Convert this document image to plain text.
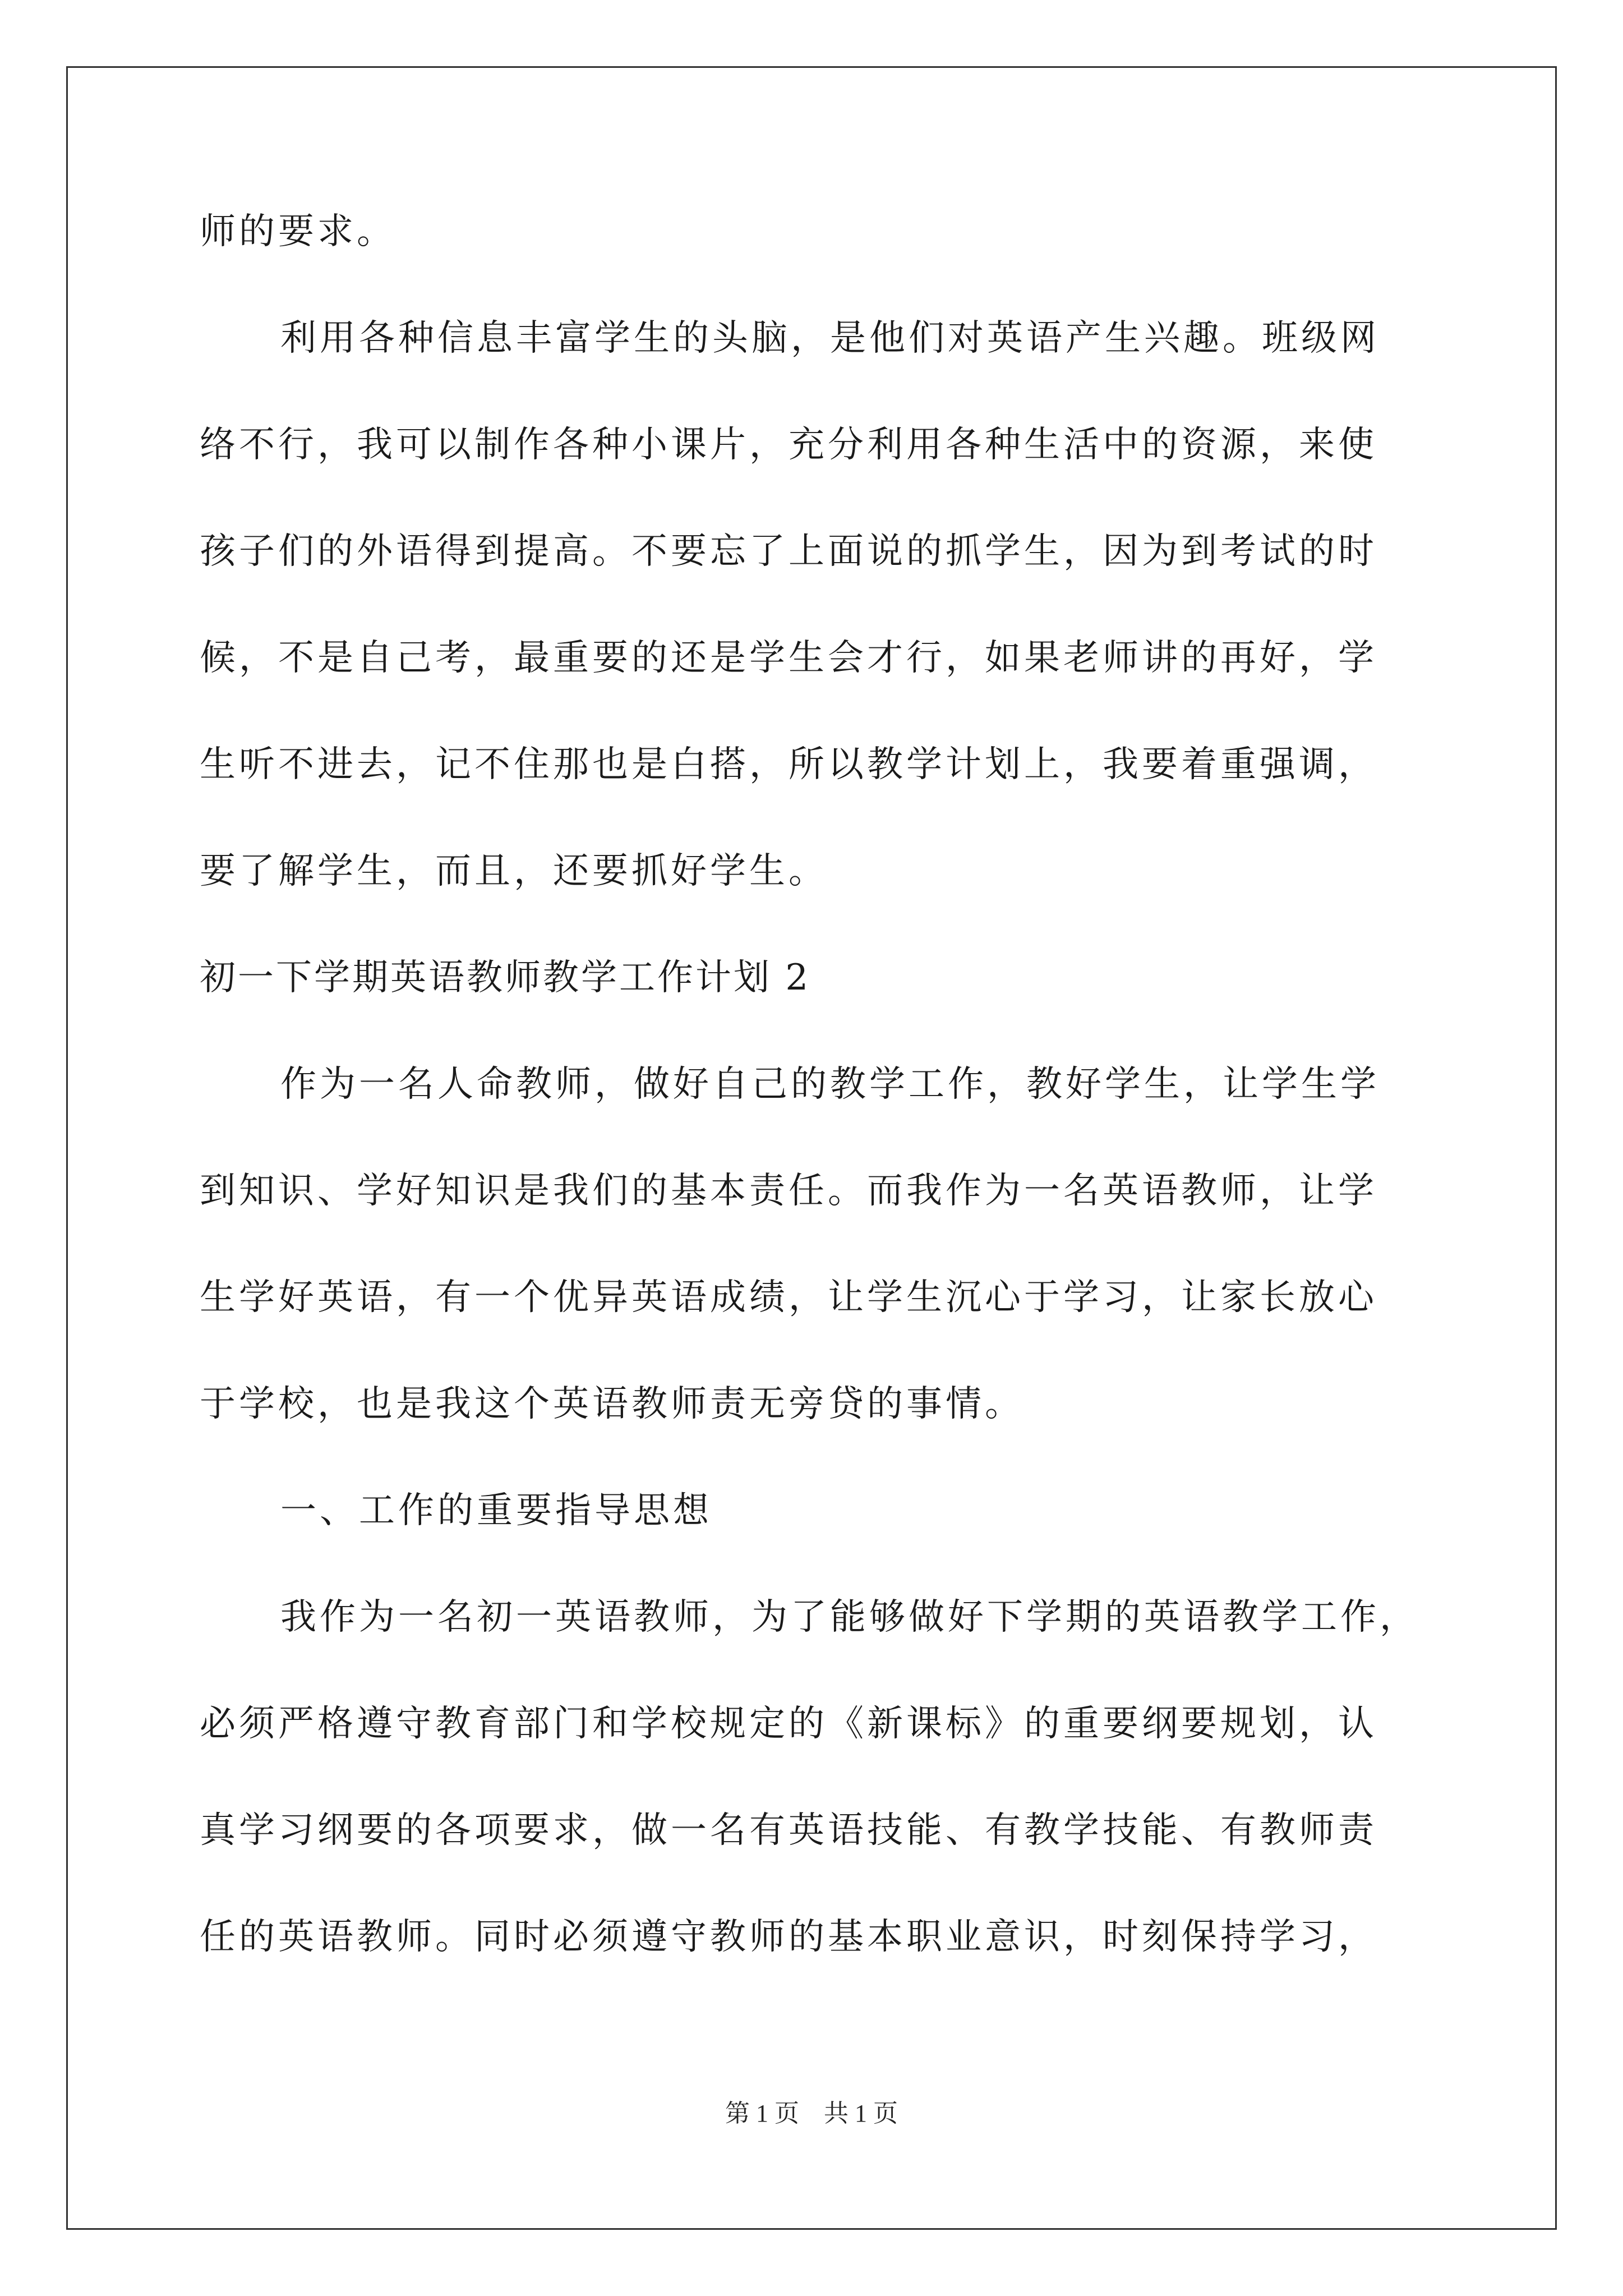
师的要求。
利用各种信息丰富学生的头脑，是他们对英语产生兴趣。班级网
络不行，我可以制作各种小课片，充分利用各种生活中的资源，来使
孩子们的外语得到提高。不要忘了上面说的抓学生，因为到考试的时
候，不是自己考，最重要的还是学生会才行，如果老师讲的再好，学
生听不进去，记不住那也是白搭，所以教学计划上，我要着重强调，
要了解学生，而且，还要抓好学生。
初一下学期英语教师教学工作计划 2
作为一名人命教师，做好自己的教学工作，教好学生，让学生学
到知识、学好知识是我们的基本责任。而我作为一名英语教师，让学
生学好英语，有一个优异英语成绩，让学生沉心于学习，让家长放心
于学校，也是我这个英语教师责无旁贷的事情。
一、工作的重要指导思想
我作为一名初一英语教师，为了能够做好下学期的英语教学工作，
必须严格遵守教育部门和学校规定的《新课标》的重要纲要规划，认
真学习纲要的各项要求，做一名有英语技能、有教学技能、有教师责
任的英语教师。同时必须遵守教师的基本职业意识，时刻保持学习，
第 1 页　共 1 页
